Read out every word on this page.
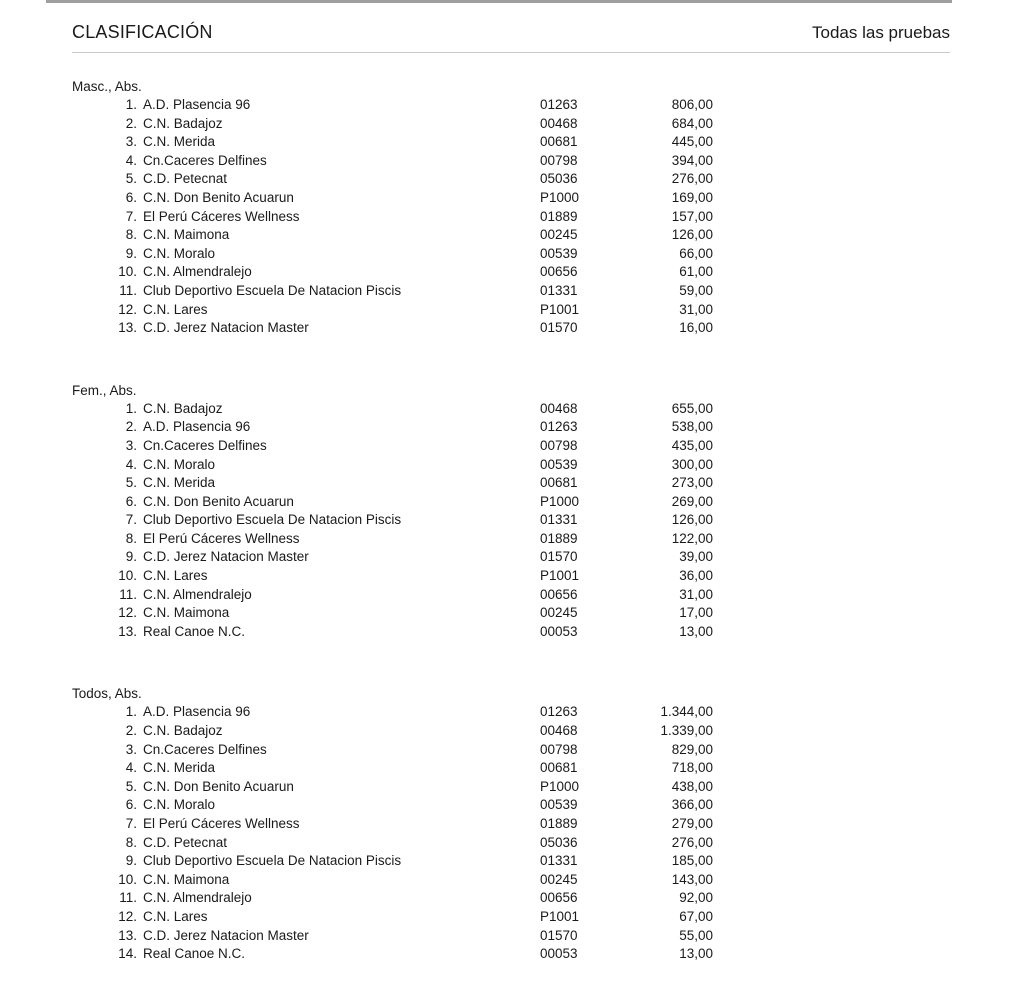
CLASIFICACIÓN	Todas las pruebas
Masc., Abs.
1. A.D. Plasencia 96	01263	806,00
2. C.N. Badajoz	00468	684,00
3. C.N. Merida	00681	445,00
4. Cn.Caceres Delfines	00798	394,00
5. C.D. Petecnat	05036	276,00
6. C.N. Don Benito Acuarun	P1000	169,00
7. El Perú Cáceres Wellness	01889	157,00
8. C.N. Maimona	00245	126,00
9. C.N. Moralo	00539	66,00
10. C.N. Almendralejo	00656	61,00
11. Club Deportivo Escuela De Natacion Piscis	01331	59,00
12. C.N. Lares	P1001	31,00
13. C.D. Jerez Natacion Master	01570	16,00
Fem., Abs.
1. C.N. Badajoz	00468	655,00
2. A.D. Plasencia 96	01263	538,00
3. Cn.Caceres Delfines	00798	435,00
4. C.N. Moralo	00539	300,00
5. C.N. Merida	00681	273,00
6. C.N. Don Benito Acuarun	P1000	269,00
7. Club Deportivo Escuela De Natacion Piscis	01331	126,00
8. El Perú Cáceres Wellness	01889	122,00
9. C.D. Jerez Natacion Master	01570	39,00
10. C.N. Lares	P1001	36,00
11. C.N. Almendralejo	00656	31,00
12. C.N. Maimona	00245	17,00
13. Real Canoe N.C.	00053	13,00
Todos, Abs.
1. A.D. Plasencia 96	01263	1.344,00
2. C.N. Badajoz	00468	1.339,00
3. Cn.Caceres Delfines	00798	829,00
4. C.N. Merida	00681	718,00
5. C.N. Don Benito Acuarun	P1000	438,00
6. C.N. Moralo	00539	366,00
7. El Perú Cáceres Wellness	01889	279,00
8. C.D. Petecnat	05036	276,00
9. Club Deportivo Escuela De Natacion Piscis	01331	185,00
10. C.N. Maimona	00245	143,00
11. C.N. Almendralejo	00656	92,00
12. C.N. Lares	P1001	67,00
13. C.D. Jerez Natacion Master	01570	55,00
14. Real Canoe N.C.	00053	13,00
